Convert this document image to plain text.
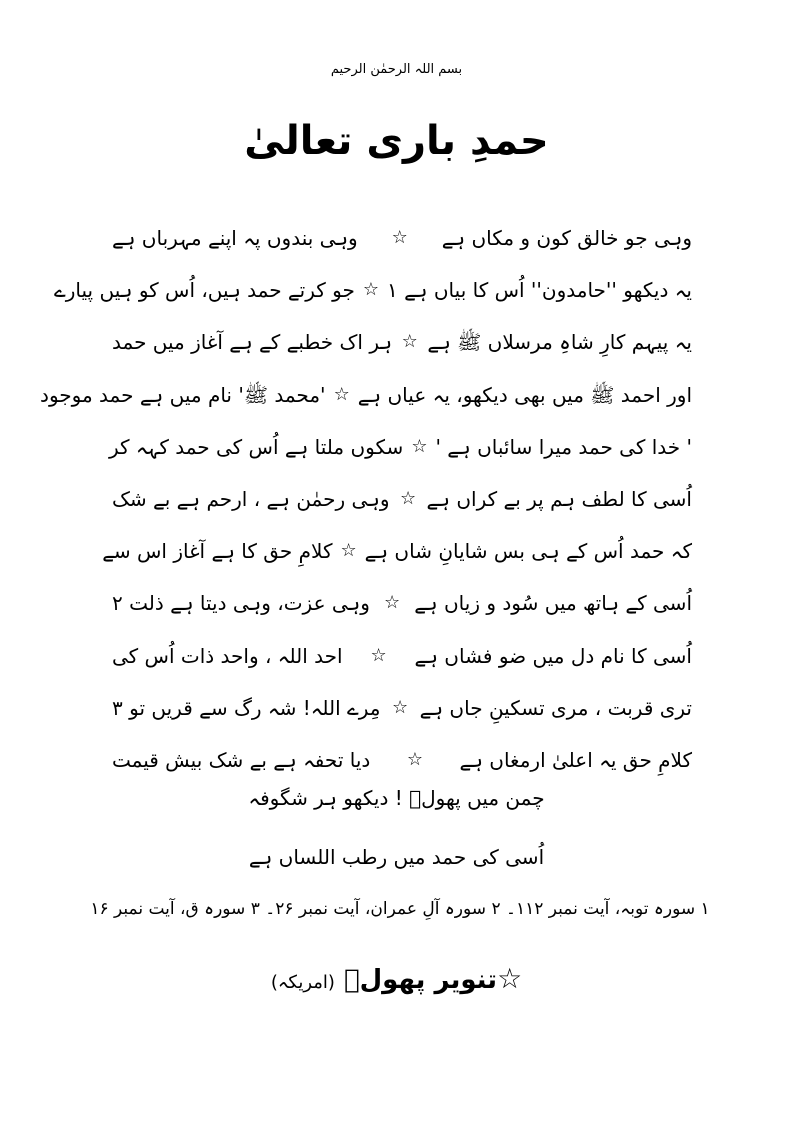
بسم اللہ الرحمٰن الرحیم
حمدِ باری تعالیٰ
وہی جو خالق کون و مکاں ہے
☆
وہی بندوں پہ اپنے مہرباں ہے
یہ دیکھو ''حامدون'' اُس کا بیاں ہے ۱
☆
جو کرتے حمد ہیں، اُس کو ہیں پیارے
یہ پیہم کارِ شاہِ مرسلاں ﷺ ہے
☆
ہر اک خطبے کے ہے آغاز میں حمد
اور احمد ﷺ میں بھی دیکھو، یہ عیاں ہے
☆
'محمد ﷺ' نام میں ہے حمد موجود
' خدا کی حمد میرا سائباں ہے '
☆
سکوں ملتا ہے اُس کی حمد کہہ کر
اُسی کا لطف ہم پر بے کراں ہے
☆
وہی رحمٰن ہے ، ارحم ہے بے شک
کہ حمد اُس کے ہی بس شایانِ شاں ہے
☆
کلامِ حق کا ہے آغاز اس سے
اُسی کے ہاتھ میں سُود و زیاں ہے
☆
وہی عزت، وہی دیتا ہے ذلت ۲
اُسی کا نام دل میں ضو فشاں ہے
☆
احد اللہ ، واحد ذات اُس کی
تری قربت ، مری تسکینِ جاں ہے
☆
مِرے اللہ! شہ رگ سے قریں تو ۳
کلامِ حق یہ اعلیٰ ارمغاں ہے
☆
دیا تحفہ ہے بے شک بیش قیمت
چمن میں پھولؔ ! دیکھو ہر شگوفہ
اُسی کی حمد میں رطب اللساں ہے
۱ سورہ توبہ، آیت نمبر ۱۱۲۔ ۲ سورہ آلِ عمران، آیت نمبر ۲۶۔ ۳ سورہ ق، آیت نمبر ۱۶
☆تنویر پھولؔ (امریکہ)
